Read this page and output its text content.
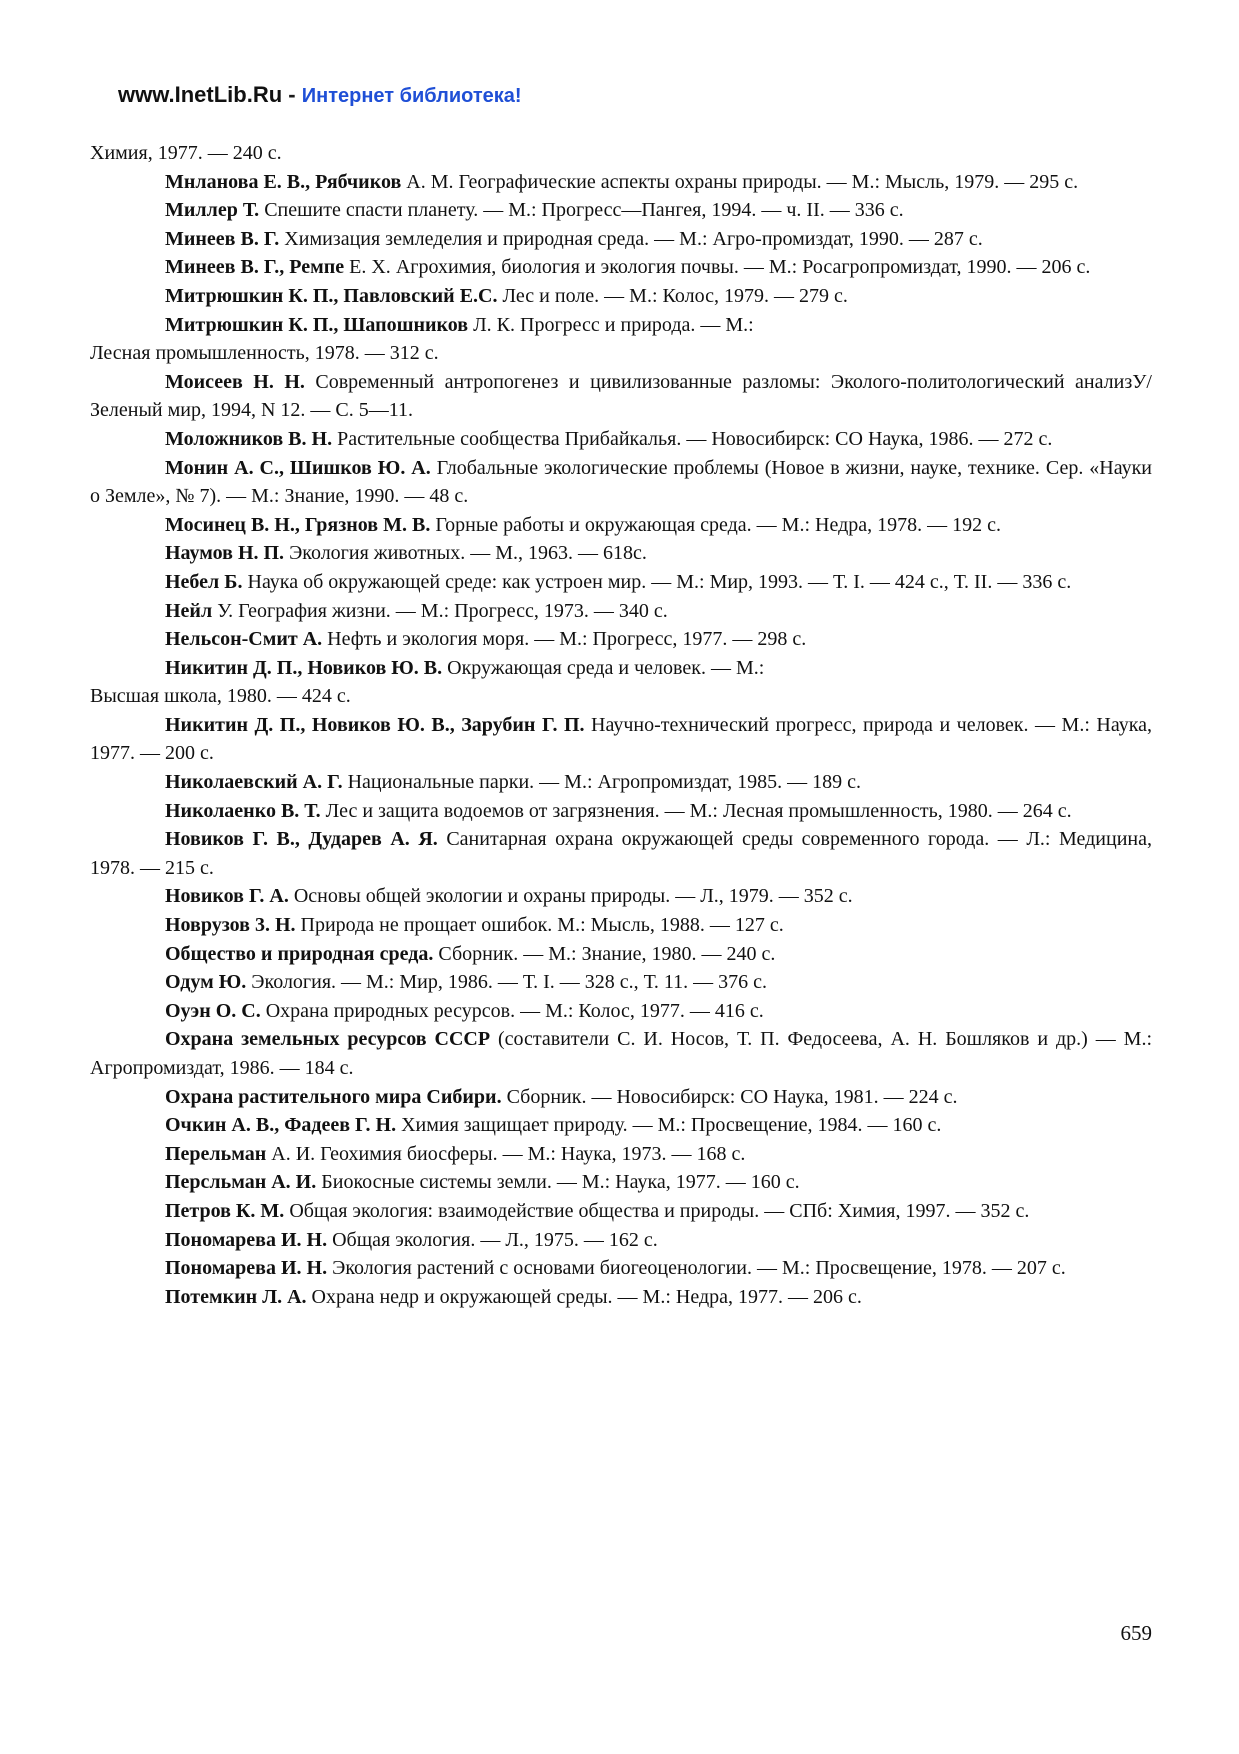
www.InetLib.Ru - Интернет библиотека!

Химия, 1977. — 240 с.

Мнланова Е. В., Рябчиков А. М. Географические аспекты охраны природы. — М.: Мысль, 1979. — 295 с.

Миллер Т. Спешите спасти планету. — М.: Прогресс—Пангея, 1994. — ч. II. — 336 с.

Минеев В. Г. Химизация земледелия и природная среда. — М.: Агро-промиздат, 1990. — 287 с.

Минеев В. Г., Ремпе Е. Х. Агрохимия, биология и экология почвы. — М.: Росагропромиздат, 1990. — 206 с.

Митрюшкин К. П., Павловский Е.С. Лес и поле. — М.: Колос, 1979. — 279 с.

Митрюшкин К. П., Шапошников Л. К. Прогресс и природа. — М.:

Лесная промышленность, 1978. — 312 с.

Моисеев Н. Н. Современный антропогенез и цивилизованные разломы: Эколого-политологический анализУ/Зеленый мир, 1994, N 12. — С. 5—11.

Моложников В. Н. Растительные сообщества Прибайкалья. — Новосибирск: СО Наука, 1986. — 272 с.

Монин А. С., Шишков Ю. А. Глобальные экологические проблемы (Новое в жизни, науке, технике. Сер. «Науки о Земле», № 7). — М.: Знание, 1990. — 48 с.

Мосинец В. Н., Грязнов М. В. Горные работы и окружающая среда. — М.: Недра, 1978. — 192 с.

Наумов Н. П. Экология животных. — М., 1963. — 618с.

Небел Б. Наука об окружающей среде: как устроен мир. — М.: Мир, 1993. — Т. I. — 424 с., Т. II. — 336 с.

Нейл У. География жизни. — М.: Прогресс, 1973. — 340 с.

Нельсон-Смит А. Нефть и экология моря. — М.: Прогресс, 1977. — 298 с.

Никитин Д. П., Новиков Ю. В. Окружающая среда и человек. — М.:

Высшая школа, 1980. — 424 с.

Никитин Д. П., Новиков Ю. В., Зарубин Г. П. Научно-технический прогресс, природа и человек. — М.: Наука, 1977. — 200 с.

Николаевский А. Г. Национальные парки. — М.: Агропромиздат, 1985. — 189 с.

Николаенко В. Т. Лес и защита водоемов от загрязнения. — М.: Лесная промышленность, 1980. — 264 с.

Новиков Г. В., Дударев А. Я. Санитарная охрана окружающей среды современного города. — Л.: Медицина, 1978. — 215 с.

Новиков Г. А. Основы общей экологии и охраны природы. — Л., 1979. — 352 с.

Новрузов 3. Н. Природа не прощает ошибок. М.: Мысль, 1988. — 127 с.

Общество и природная среда. Сборник. — М.: Знание, 1980. — 240 с.

Одум Ю. Экология. — М.: Мир, 1986. — Т. I. — 328 с., Т. 11. — 376 с.

Оуэн О. С. Охрана природных ресурсов. — М.: Колос, 1977. — 416 с.

Охрана земельных ресурсов СССР (составители С. И. Носов, Т. П. Федосеева, А. Н. Бошляков и др.) — М.: Агропромиздат, 1986. — 184 с.

Охрана растительного мира Сибири. Сборник. — Новосибирск: СО Наука, 1981. — 224 с.

Очкин А. В., Фадеев Г. Н. Химия защищает природу. — М.: Просвещение, 1984. — 160 с.

Перельман А. И. Геохимия биосферы. — М.: Наука, 1973. — 168 с.

Персльман А. И. Биокосные системы земли. — М.: Наука, 1977. — 160 с.

Петров К. М. Общая экология: взаимодействие общества и природы. — СПб: Химия, 1997. — 352 с.

Пономарева И. Н. Общая экология. — Л., 1975. — 162 с.

Пономарева И. Н. Экология растений с основами биогеоценологии. — М.: Просвещение, 1978. — 207 с.

Потемкин Л. А. Охрана недр и окружающей среды. — М.: Недра, 1977. — 206 с.

659
